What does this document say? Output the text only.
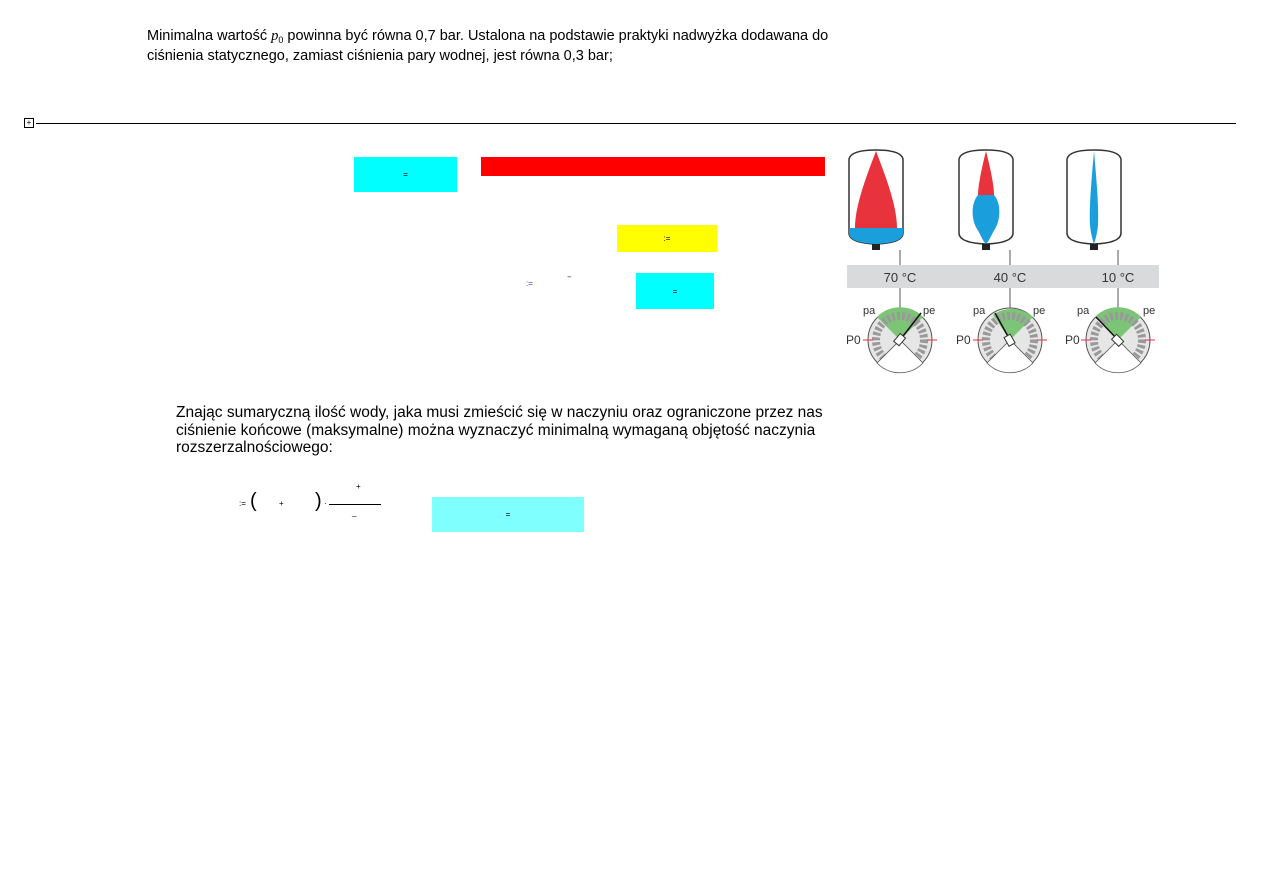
Minimalna wartość $p_0$ powinna być równa 0,7 bar. Ustalona na podstawie praktyki nadwyżka dodawana do
ciśnienia statycznego, zamiast ciśnienia pary wodnej, jest równa 0,3 bar;
+
=
:=
:=	‾
=
70 °C	40 °C	10 °C
pa	pe
P0
pa	pe
P0
pa	pe
P0
Znając sumaryczną ilość wody, jaka musi zmieścić się w naczyniu oraz ograniczone przez nas
ciśnienie końcowe (maksymalne) można wyznaczyć minimalną wymaganą objętość naczynia
rozszerzalnościowego:
:= (	+ ) ·
+
_	=
